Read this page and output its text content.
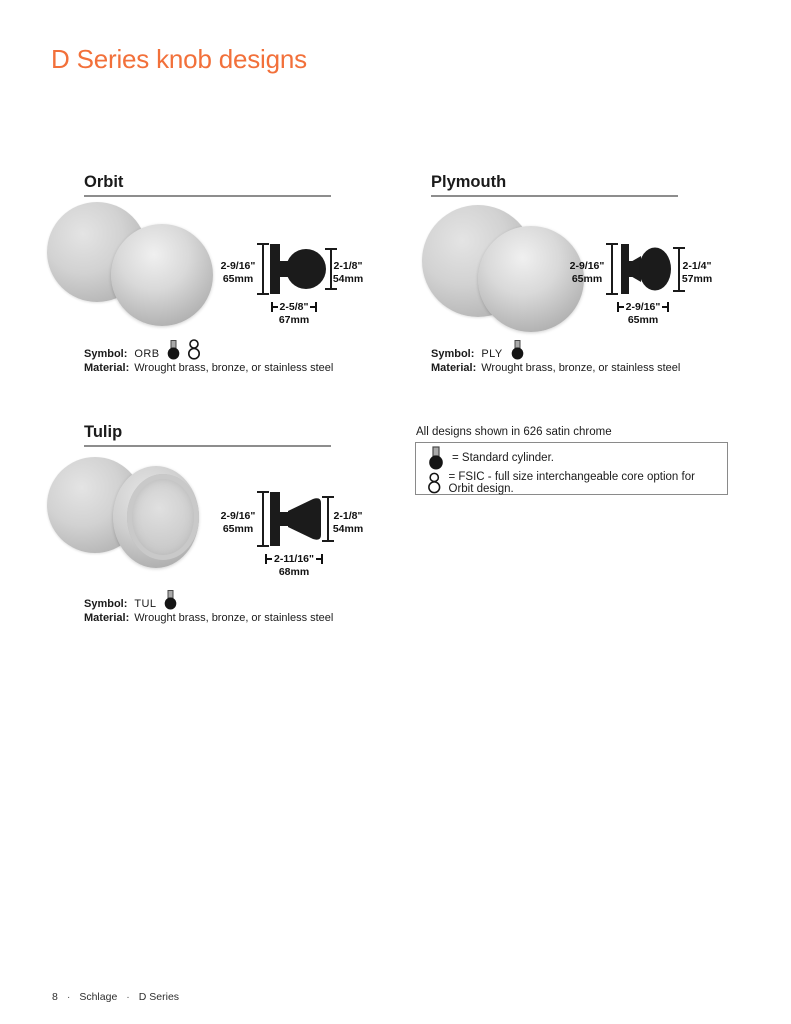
D Series knob designs
Orbit
2-9/16"
65mm
2-1/8"
54mm
2-5/8"
67mm
Symbol: ORB
Material: Wrought brass, bronze, or stainless steel
Plymouth
2-9/16"
65mm
2-1/4"
57mm
2-9/16"
65mm
Symbol: PLY
Material: Wrought brass, bronze, or stainless steel
Tulip
2-9/16"
65mm
2-1/8"
54mm
2-11/16"
68mm
Symbol: TUL
Material: Wrought brass, bronze, or stainless steel
All designs shown in 626 satin chrome
= Standard cylinder.
= FSIC - full size interchangeable core option for Orbit design.
8 · Schlage · D Series
